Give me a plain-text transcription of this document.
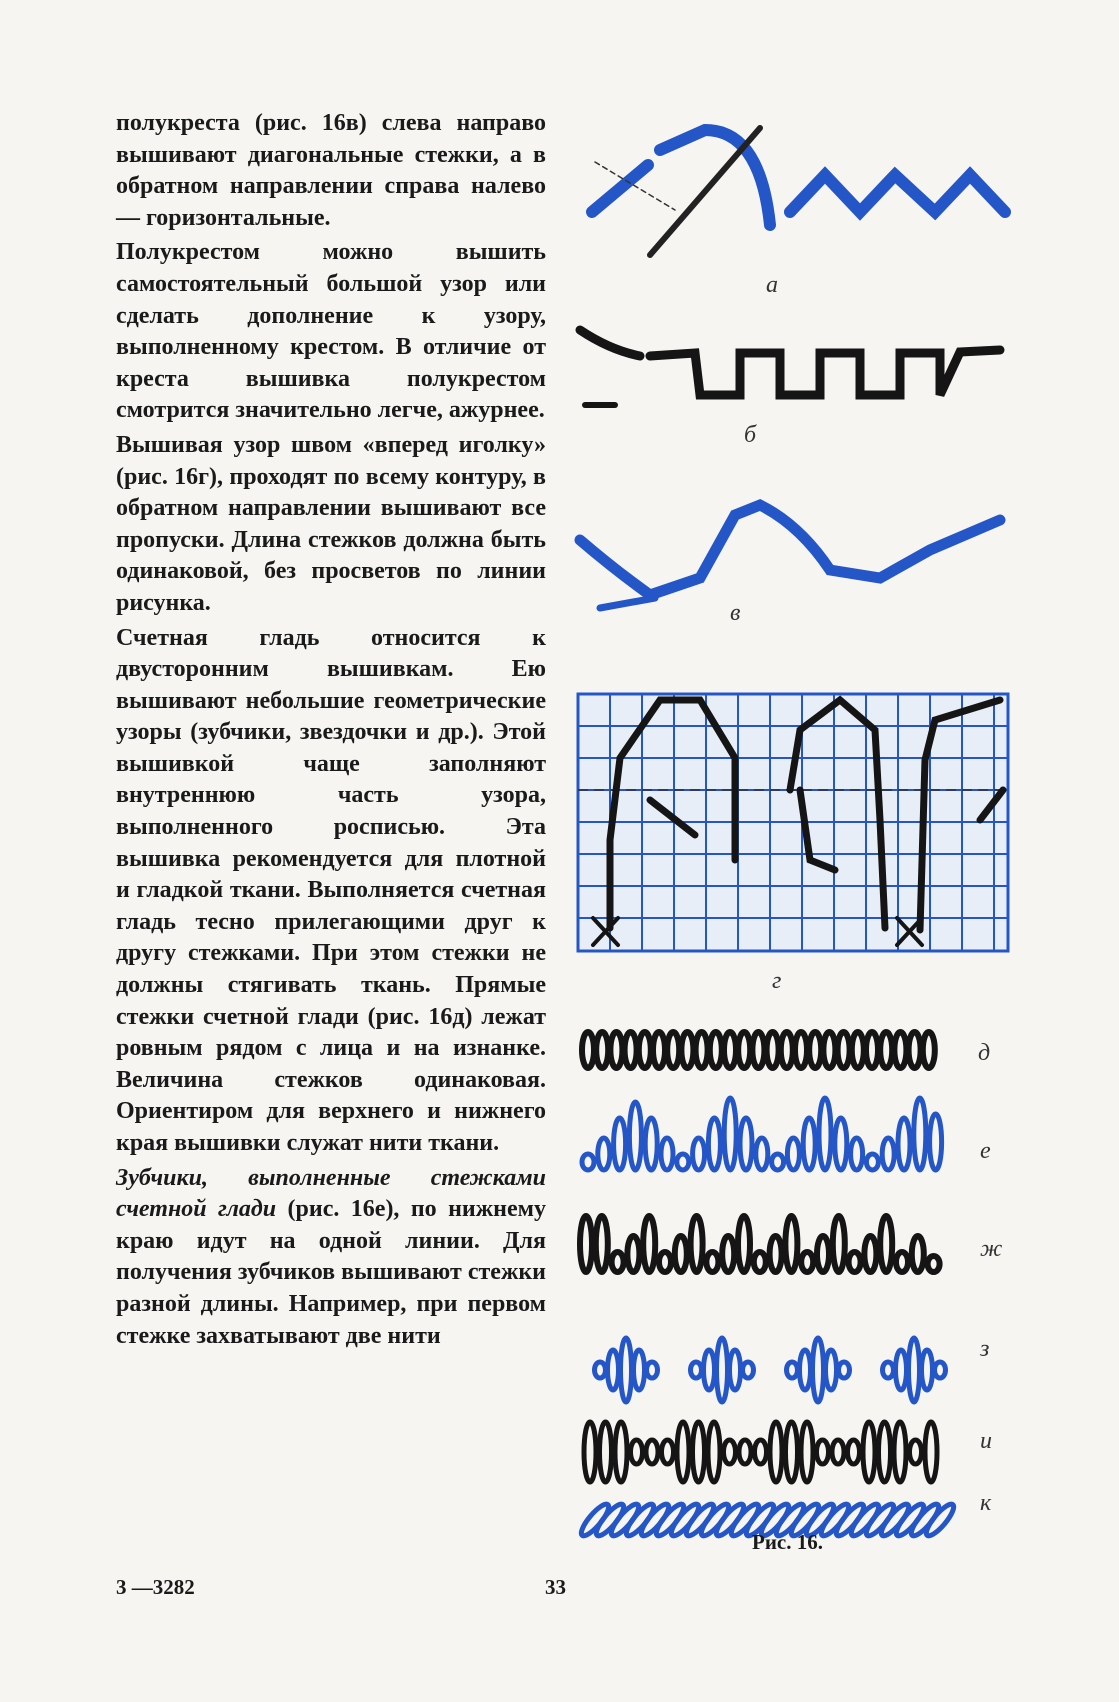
полукреста (рис. 16в) слева направо вышивают диагональные стежки, а в обратном направлении справа налево — горизонтальные.

Полукрестом можно вышить самостоятельный большой узор или сделать дополнение к узору, выполненному крестом. В отличие от креста вышивка полукрестом смотрится значительно легче, ажурнее.

Вышивая узор швом «вперед иголку» (рис. 16г), проходят по всему контуру, в обратном направлении вышивают все пропуски. Длина стежков должна быть одинаковой, без просветов по линии рисунка.

Счетная гладь относится к двусторонним вышивкам. Ею вышивают небольшие геометрические узоры (зубчики, звездочки и др.). Этой вышивкой чаще заполняют внутреннюю часть узора, выполненного росписью. Эта вышивка рекомендуется для плотной и гладкой ткани. Выполняется счетная гладь тесно прилегающими друг к другу стежками. При этом стежки не должны стягивать ткань. Прямые стежки счетной глади (рис. 16д) лежат ровным рядом с лица и на изнанке. Величина стежков одинаковая. Ориентиром для верхнего и нижнего края вышивки служат нити ткани.

Зубчики, выполненные стежками счетной глади (рис. 16е), по нижнему краю идут на одной линии. Для получения зубчиков вышивают стежки разной длины. Например, при первом стежке захватывают две нити

а
б
в
г
д
е
ж
з
и
к
Рис. 16.
3 —3282	33
